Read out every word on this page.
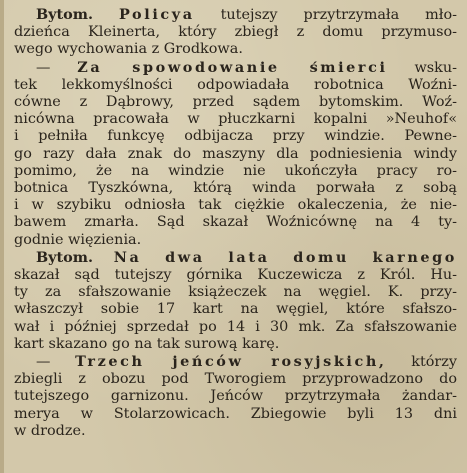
Bytom. Policya tutejszy przytrzymała mło-
dzieńca Kleinerta, który zbiegł z domu przymuso-
wego wychowania z Grodkowa.

— Za spowodowanie śmierci wsku-
tek lekkomyślności odpowiadała robotnica Woźni-
cówne z Dąbrowy, przed sądem bytomskim. Woź-
nicówna pracowała w płuczkarni kopalni »Neuhof«
i pełniła funkcyę odbijacza przy windzie. Pewne-
go razy dała znak do maszyny dla podniesienia windy
pomimo, że na windzie nie ukończyła pracy ro-
botnica Tyszkówna, którą winda porwała z sobą
i w szybiku odniosła tak ciężkie okaleczenia, że nie-
bawem zmarła. Sąd skazał Woźnicównę na 4 ty-
godnie więzienia.

Bytom. Na dwa lata domu karnego
skazał sąd tutejszy górnika Kuczewicza z Król. Hu-
ty za sfałszowanie książeczek na węgiel. K. przy-
właszczył sobie 17 kart na węgiel, które sfałszo-
wał i później sprzedał po 14 i 30 mk. Za sfałszowanie
kart skazano go na tak surową karę.

— Trzech jeńców rosyjskich, którzy
zbiegli z obozu pod Tworogiem przyprowadzono do
tutejszego garnizonu. Jeńców przytrzymała żandar-
merya w Stolarzowicach. Zbiegowie byli 13 dni
w drodze.
